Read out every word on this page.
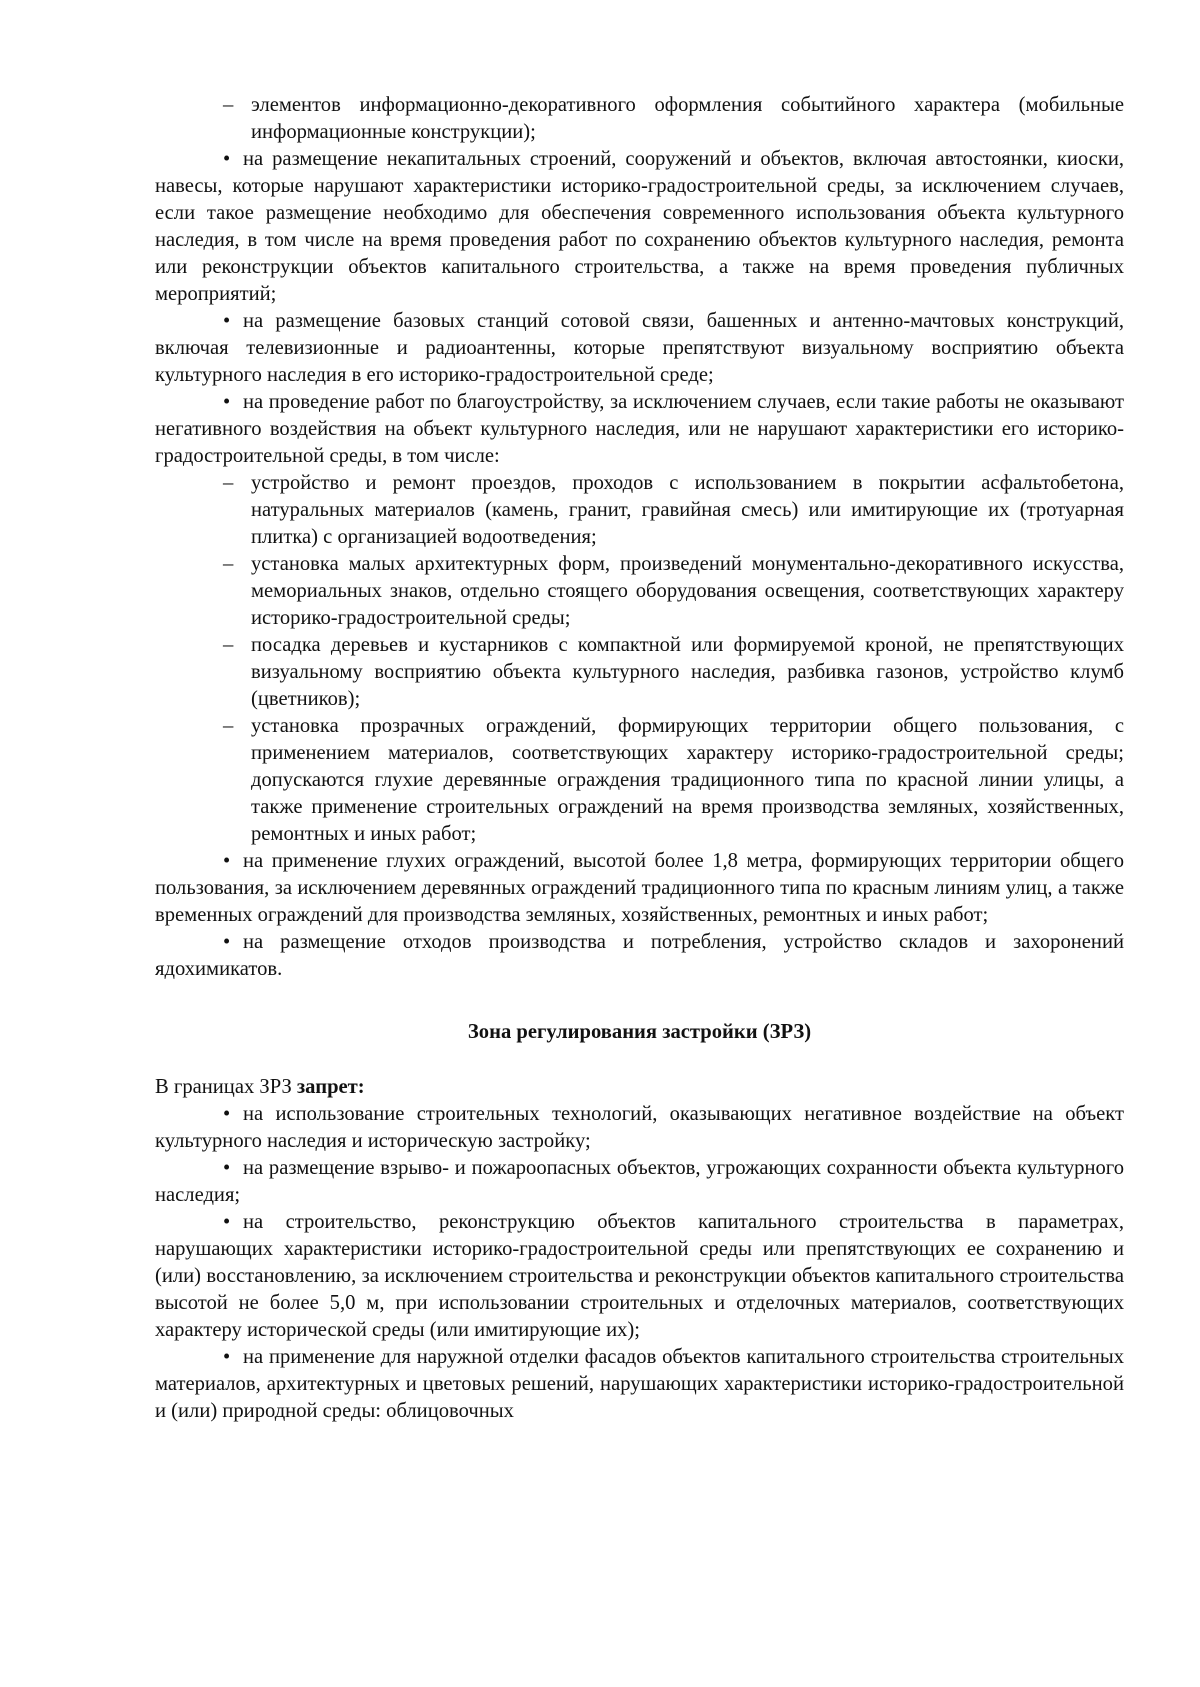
– элементов информационно-декоративного оформления событийного характера (мобильные информационные конструкции);

• на размещение некапитальных строений, сооружений и объектов, включая автостоянки, киоски, навесы, которые нарушают характеристики историко-градостроительной среды, за исключением случаев, если такое размещение необходимо для обеспечения современного использования объекта культурного наследия, в том числе на время проведения работ по сохранению объектов культурного наследия, ремонта или реконструкции объектов капитального строительства, а также на время проведения публичных мероприятий;

• на размещение базовых станций сотовой связи, башенных и антенно-мачтовых конструкций, включая телевизионные и радиоантенны, которые препятствуют визуальному восприятию объекта культурного наследия в его историко-градостроительной среде;

• на проведение работ по благоустройству, за исключением случаев, если такие работы не оказывают негативного воздействия на объект культурного наследия, или не нарушают характеристики его историко-градостроительной среды, в том числе:

– устройство и ремонт проездов, проходов с использованием в покрытии асфальтобетона, натуральных материалов (камень, гранит, гравийная смесь) или имитирующие их (тротуарная плитка) с организацией водоотведения;
– установка малых архитектурных форм, произведений монументально-декоративного искусства, мемориальных знаков, отдельно стоящего оборудования освещения, соответствующих характеру историко-градостроительной среды;
– посадка деревьев и кустарников с компактной или формируемой кроной, не препятствующих визуальному восприятию объекта культурного наследия, разбивка газонов, устройство клумб (цветников);
– установка прозрачных ограждений, формирующих территории общего пользования, с применением материалов, соответствующих характеру историко-градостроительной среды; допускаются глухие деревянные ограждения традиционного типа по красной линии улицы, а также применение строительных ограждений на время производства земляных, хозяйственных, ремонтных и иных работ;

• на применение глухих ограждений, высотой более 1,8 метра, формирующих территории общего пользования, за исключением деревянных ограждений традиционного типа по красным линиям улиц, а также временных ограждений для производства земляных, хозяйственных, ремонтных и иных работ;

• на размещение отходов производства и потребления, устройство складов и захоронений ядохимикатов.

Зона регулирования застройки (ЗРЗ)

В границах ЗРЗ запрет:

• на использование строительных технологий, оказывающих негативное воздействие на объект культурного наследия и историческую застройку;

• на размещение взрыво- и пожароопасных объектов, угрожающих сохранности объекта культурного наследия;

• на строительство, реконструкцию объектов капитального строительства в параметрах, нарушающих характеристики историко-градостроительной среды или препятствующих ее сохранению и (или) восстановлению, за исключением строительства и реконструкции объектов капитального строительства высотой не более 5,0 м, при использовании строительных и отделочных материалов, соответствующих характеру исторической среды (или имитирующие их);

• на применение для наружной отделки фасадов объектов капитального строительства строительных материалов, архитектурных и цветовых решений, нарушающих характеристики историко-градостроительной и (или) природной среды: облицовочных
